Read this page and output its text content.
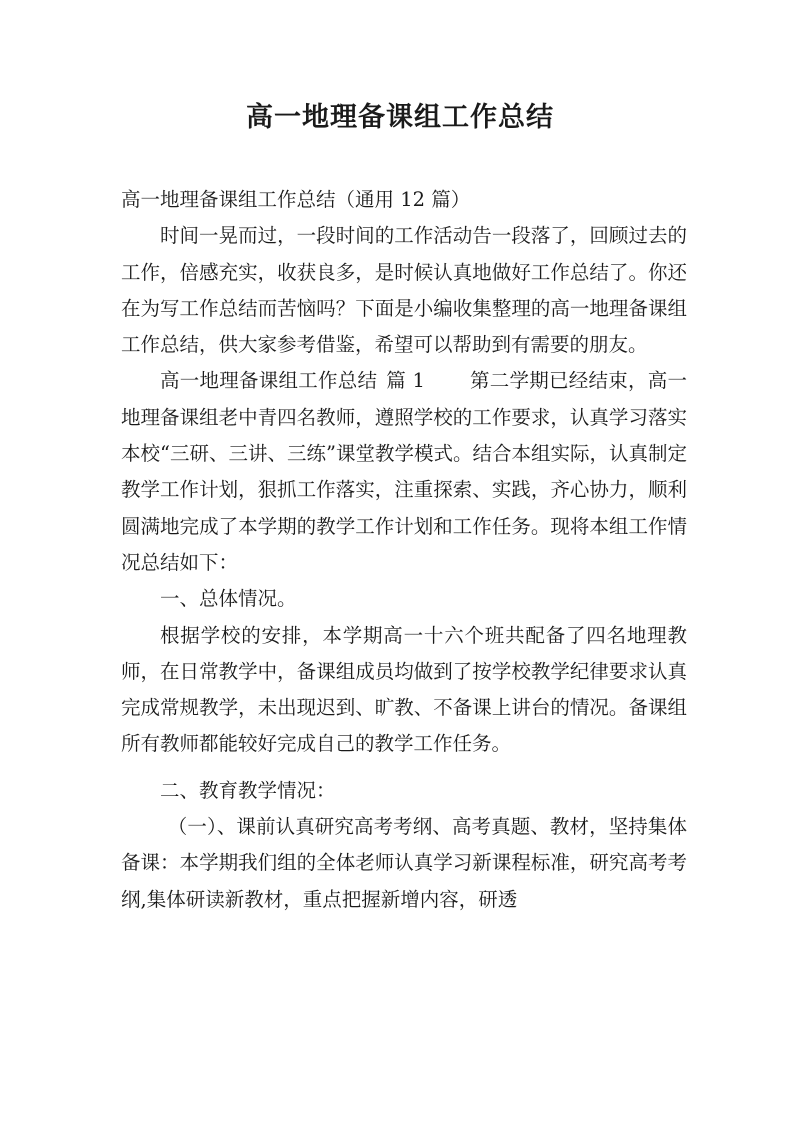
高一地理备课组工作总结

高一地理备课组工作总结（通用 12 篇）

时间一晃而过，一段时间的工作活动告一段落了，回顾过去的工作，倍感充实，收获良多，是时候认真地做好工作总结了。你还在为写工作总结而苦恼吗？下面是小编收集整理的高一地理备课组工作总结，供大家参考借鉴，希望可以帮助到有需要的朋友。

高一地理备课组工作总结 篇 1 第二学期已经结束，高一地理备课组老中青四名教师，遵照学校的工作要求，认真学习落实本校“三研、三讲、三练”课堂教学模式。结合本组实际，认真制定教学工作计划，狠抓工作落实，注重探索、实践，齐心协力，顺利圆满地完成了本学期的教学工作计划和工作任务。现将本组工作情况总结如下：

一、总体情况。

根据学校的安排，本学期高一十六个班共配备了四名地理教师，在日常教学中，备课组成员均做到了按学校教学纪律要求认真完成常规教学，未出现迟到、旷教、不备课上讲台的情况。备课组所有教师都能较好完成自己的教学工作任务。

二、教育教学情况：

（一）、课前认真研究高考考纲、高考真题、教材，坚持集体备课：本学期我们组的全体老师认真学习新课程标准，研究高考考纲,集体研读新教材，重点把握新增内容，研透
